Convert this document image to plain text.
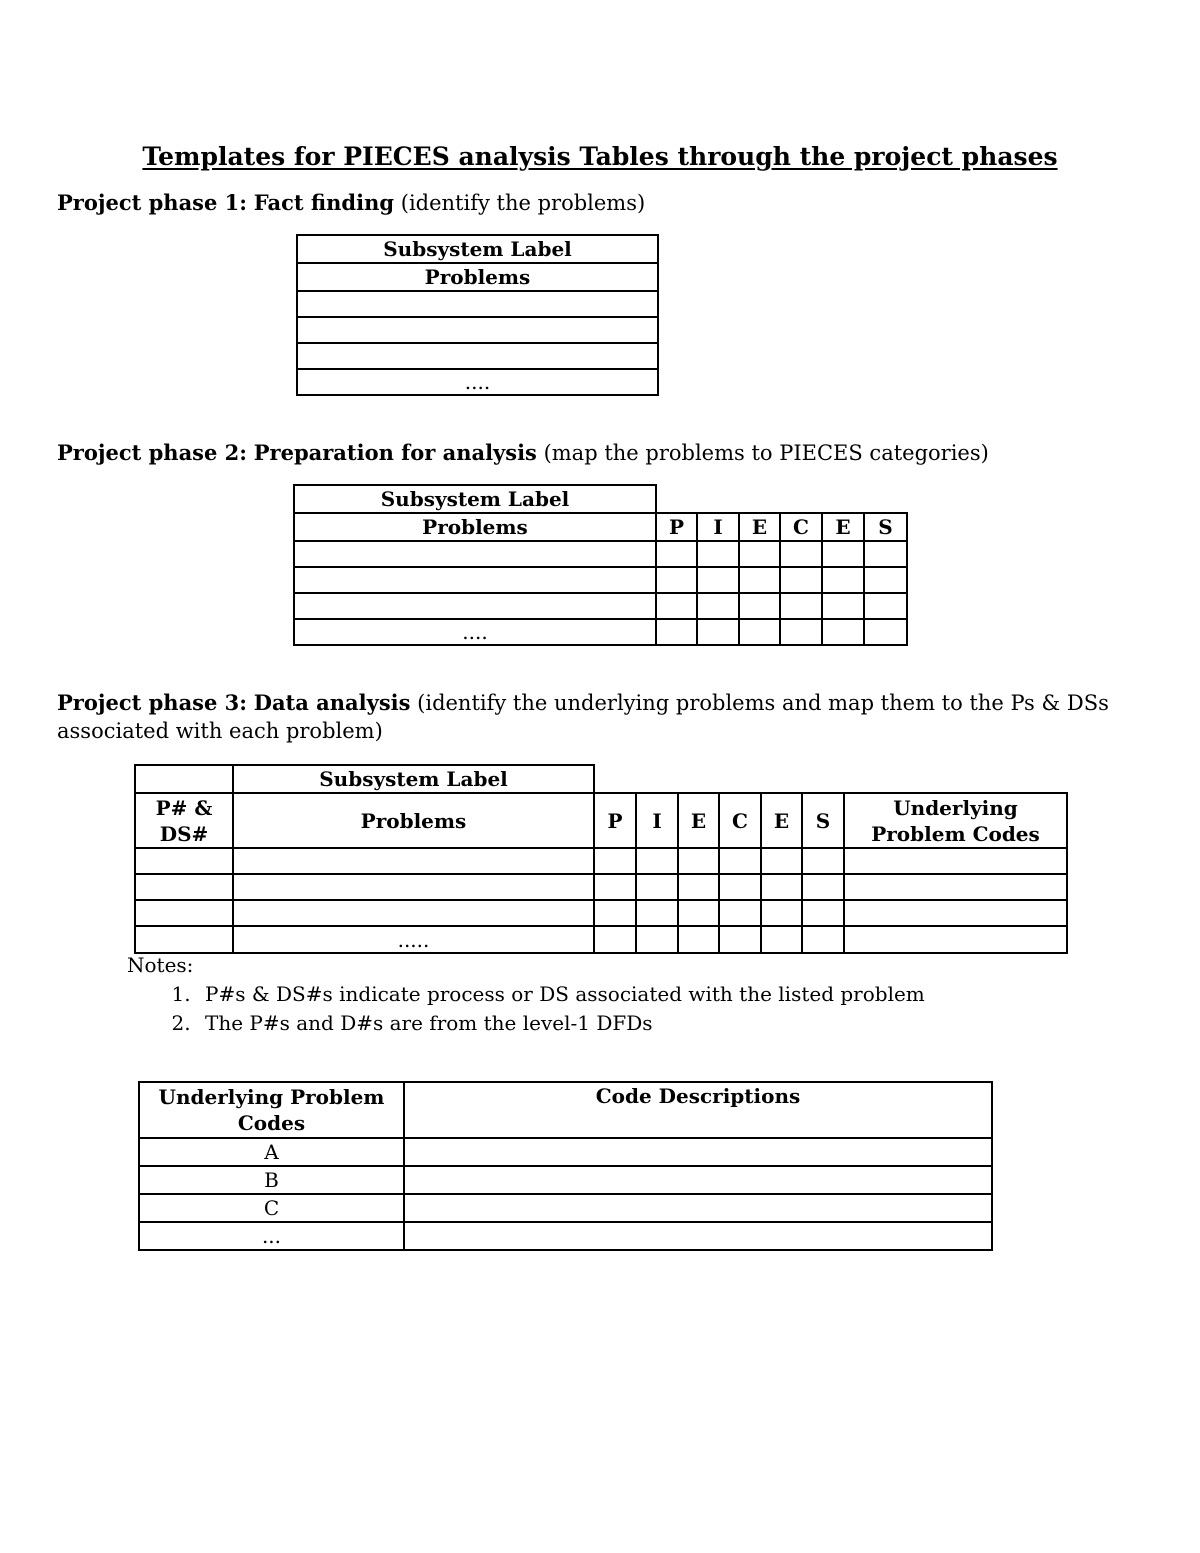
Templates for PIECES analysis Tables through the project phases
Project phase 1: Fact finding (identify the problems)
Subsystem Label
Problems

....
Project phase 2: Preparation for analysis (map the problems to PIECES categories)
Subsystem Label						
Problems	P	I	E	C	E	S

....						
Project phase 3: Data analysis (identify the underlying problems and map them to the Ps & DSs associated with each problem)
	Subsystem Label							
P# & DS#	Problems	P	I	E	C	E	S	Underlying Problem Codes

	.....							
Notes:
1. P#s & DS#s indicate process or DS associated with the listed problem
2. The P#s and D#s are from the level-1 DFDs
Underlying Problem Codes	Code Descriptions
A	
B	
C	
...	
